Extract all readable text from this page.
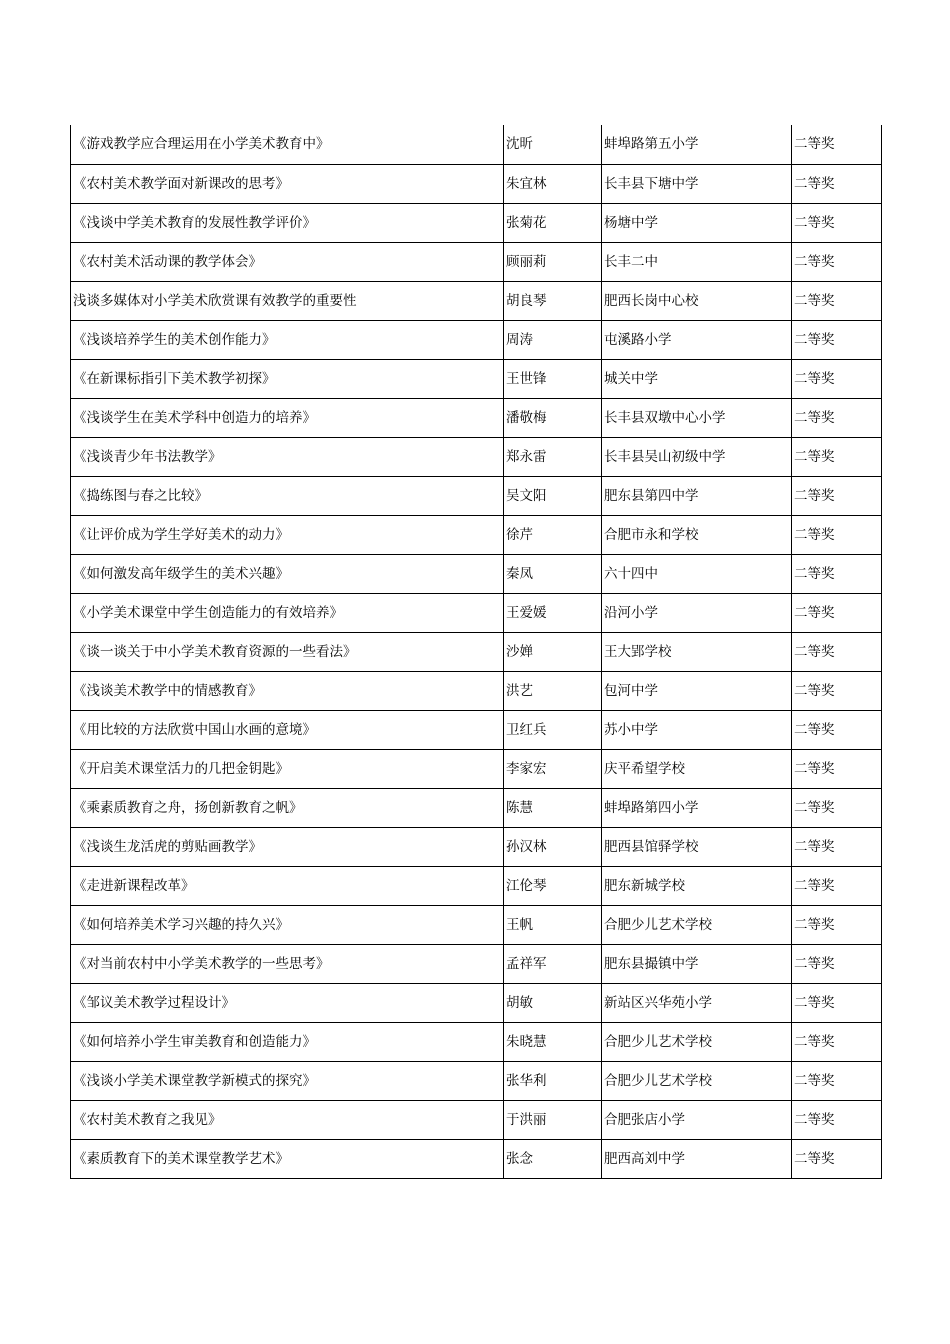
《游戏教学应合理运用在小学美术教育中》	沈昕	蚌埠路第五小学	二等奖
《农村美术教学面对新课改的思考》	朱宜林	长丰县下塘中学	二等奖
《浅谈中学美术教育的发展性教学评价》	张菊花	杨塘中学	二等奖
《农村美术活动课的教学体会》	顾丽莉	长丰二中	二等奖
浅谈多媒体对小学美术欣赏课有效教学的重要性	胡良琴	肥西长岗中心校	二等奖
《浅谈培养学生的美术创作能力》	周涛	屯溪路小学	二等奖
《在新课标指引下美术教学初探》	王世锋	城关中学	二等奖
《浅谈学生在美术学科中创造力的培养》	潘敬梅	长丰县双墩中心小学	二等奖
《浅谈青少年书法教学》	郑永雷	长丰县吴山初级中学	二等奖
《捣练图与春之比较》	吴文阳	肥东县第四中学	二等奖
《让评价成为学生学好美术的动力》	徐芹	合肥市永和学校	二等奖
《如何激发高年级学生的美术兴趣》	秦凤	六十四中	二等奖
《小学美术课堂中学生创造能力的有效培养》	王爱媛	沿河小学	二等奖
《谈一谈关于中小学美术教育资源的一些看法》	沙婵	王大郢学校	二等奖
《浅谈美术教学中的情感教育》	洪艺	包河中学	二等奖
《用比较的方法欣赏中国山水画的意境》	卫红兵	苏小中学	二等奖
《开启美术课堂活力的几把金钥匙》	李家宏	庆平希望学校	二等奖
《乘素质教育之舟，扬创新教育之帆》	陈慧	蚌埠路第四小学	二等奖
《浅谈生龙活虎的剪贴画教学》	孙汉林	肥西县馆驿学校	二等奖
《走进新课程改革》	江伦琴	肥东新城学校	二等奖
《如何培养美术学习兴趣的持久兴》	王帆	合肥少儿艺术学校	二等奖
《对当前农村中小学美术教学的一些思考》	孟祥军	肥东县撮镇中学	二等奖
《邹议美术教学过程设计》	胡敏	新站区兴华苑小学	二等奖
《如何培养小学生审美教育和创造能力》	朱晓慧	合肥少儿艺术学校	二等奖
《浅谈小学美术课堂教学新模式的探究》	张华利	合肥少儿艺术学校	二等奖
《农村美术教育之我见》	于洪丽	合肥张店小学	二等奖
《素质教育下的美术课堂教学艺术》	张念	肥西高刘中学	二等奖
